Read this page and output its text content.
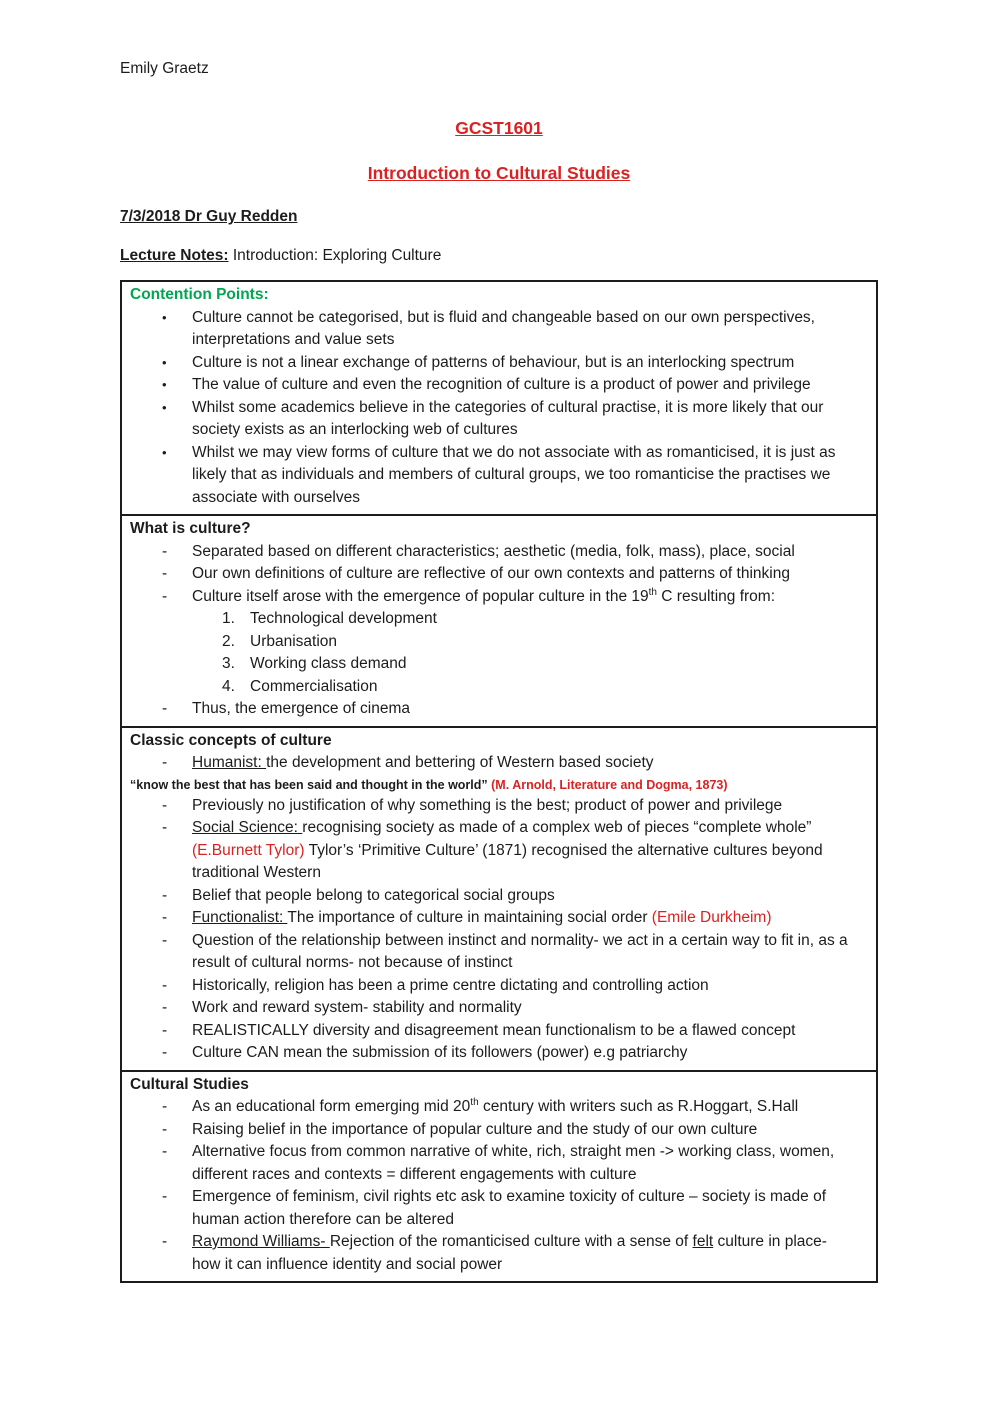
Emily Graetz
GCST1601
Introduction to Cultural Studies
7/3/2018 Dr Guy Redden
Lecture Notes: Introduction: Exploring Culture
Contention Points:
•	Culture cannot be categorised, but is fluid and changeable based on our own perspectives, interpretations and value sets
•	Culture is not a linear exchange of patterns of behaviour, but is an interlocking spectrum
•	The value of culture and even the recognition of culture is a product of power and privilege
•	Whilst some academics believe in the categories of cultural practise, it is more likely that our society exists as an interlocking web of cultures
•	Whilst we may view forms of culture that we do not associate with as romanticised, it is just as likely that as individuals and members of cultural groups, we too romanticise the practises we associate with ourselves
What is culture?
-	Separated based on different characteristics; aesthetic (media, folk, mass), place, social
-	Our own definitions of culture are reflective of our own contexts and patterns of thinking
-	Culture itself arose with the emergence of popular culture in the 19th C resulting from:
1. Technological development
2. Urbanisation
3. Working class demand
4. Commercialisation
-	Thus, the emergence of cinema
Classic concepts of culture
-	Humanist: the development and bettering of Western based society
“know the best that has been said and thought in the world” (M. Arnold, Literature and Dogma, 1873)
-	Previously no justification of why something is the best; product of power and privilege
-	Social Science: recognising society as made of a complex web of pieces “complete whole” (E.Burnett Tylor) Tylor’s ‘Primitive Culture’ (1871) recognised the alternative cultures beyond traditional Western
-	Belief that people belong to categorical social groups
-	Functionalist: The importance of culture in maintaining social order (Emile Durkheim)
-	Question of the relationship between instinct and normality- we act in a certain way to fit in, as a result of cultural norms- not because of instinct
-	Historically, religion has been a prime centre dictating and controlling action
-	Work and reward system- stability and normality
-	REALISTICALLY diversity and disagreement mean functionalism to be a flawed concept
-	Culture CAN mean the submission of its followers (power) e.g patriarchy
Cultural Studies
-	As an educational form emerging mid 20th century with writers such as R.Hoggart, S.Hall
-	Raising belief in the importance of popular culture and the study of our own culture
-	Alternative focus from common narrative of white, rich, straight men -> working class, women, different races and contexts = different engagements with culture
-	Emergence of feminism, civil rights etc ask to examine toxicity of culture – society is made of human action therefore can be altered
-	Raymond Williams- Rejection of the romanticised culture with a sense of felt culture in place- how it can influence identity and social power
